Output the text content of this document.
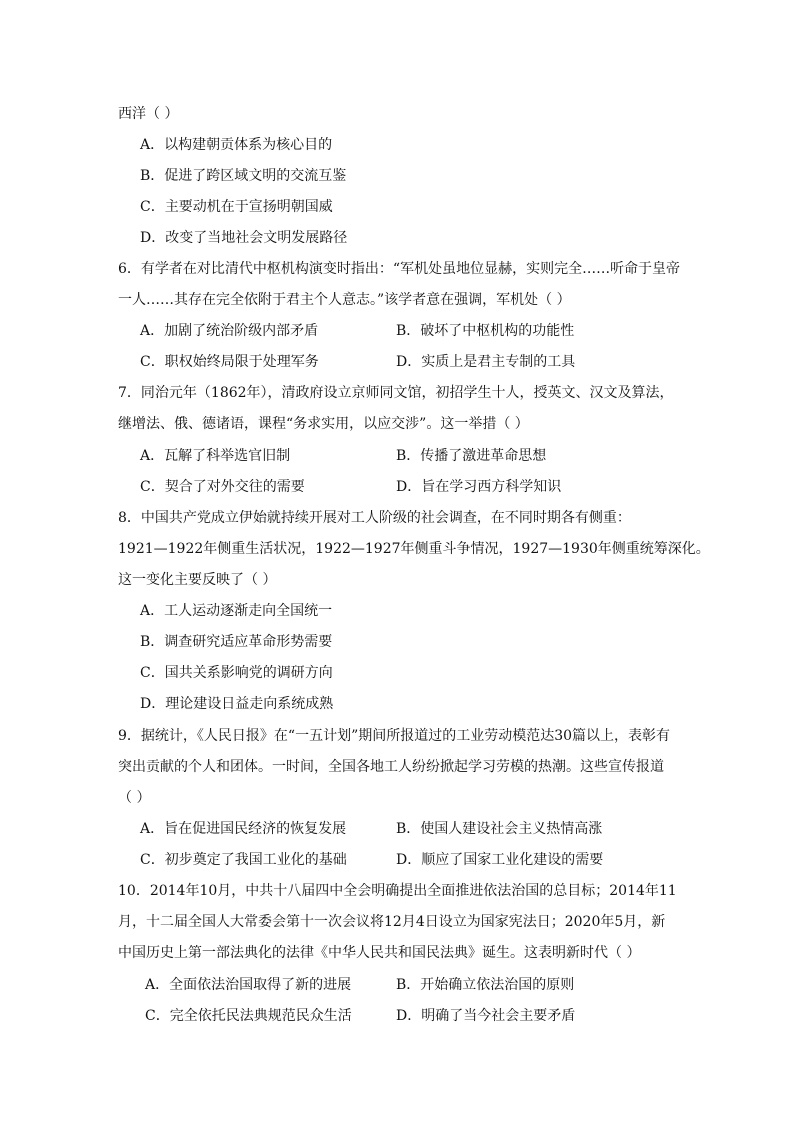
西洋（ ）
A．以构建朝贡体系为核心目的
B．促进了跨区域文明的交流互鉴
C．主要动机在于宣扬明朝国威
D．改变了当地社会文明发展路径
6．有学者在对比清代中枢机构演变时指出：“军机处虽地位显赫，实则完全……听命于皇帝
一人……其存在完全依附于君主个人意志。”该学者意在强调，军机处（ ）
A．加剧了统治阶级内部矛盾	B．破坏了中枢机构的功能性
C．职权始终局限于处理军务	D．实质上是君主专制的工具
7．同治元年（1862年），清政府设立京师同文馆，初招学生十人，授英文、汉文及算法，
继增法、俄、德诸语，课程“务求实用，以应交涉”。这一举措（ ）
A．瓦解了科举选官旧制	B．传播了激进革命思想
C．契合了对外交往的需要	D．旨在学习西方科学知识
8．中国共产党成立伊始就持续开展对工人阶级的社会调查，在不同时期各有侧重：
1921—1922年侧重生活状况，1922—1927年侧重斗争情况，1927—1930年侧重统筹深化。
这一变化主要反映了（ ）
A．工人运动逐渐走向全国统一
B．调查研究适应革命形势需要
C．国共关系影响党的调研方向
D．理论建设日益走向系统成熟
9．据统计，《人民日报》在“一五计划”期间所报道过的工业劳动模范达30篇以上，表彰有
突出贡献的个人和团体。一时间，全国各地工人纷纷掀起学习劳模的热潮。这些宣传报道
（ ）
A．旨在促进国民经济的恢复发展	B．使国人建设社会主义热情高涨
C．初步奠定了我国工业化的基础	D．顺应了国家工业化建设的需要
10．2014年10月，中共十八届四中全会明确提出全面推进依法治国的总目标；2014年11
月，十二届全国人大常委会第十一次会议将12月4日设立为国家宪法日；2020年5月，新
中国历史上第一部法典化的法律《中华人民共和国民法典》诞生。这表明新时代（ ）
A．全面依法治国取得了新的进展	B．开始确立依法治国的原则
C．完全依托民法典规范民众生活	D．明确了当今社会主要矛盾
